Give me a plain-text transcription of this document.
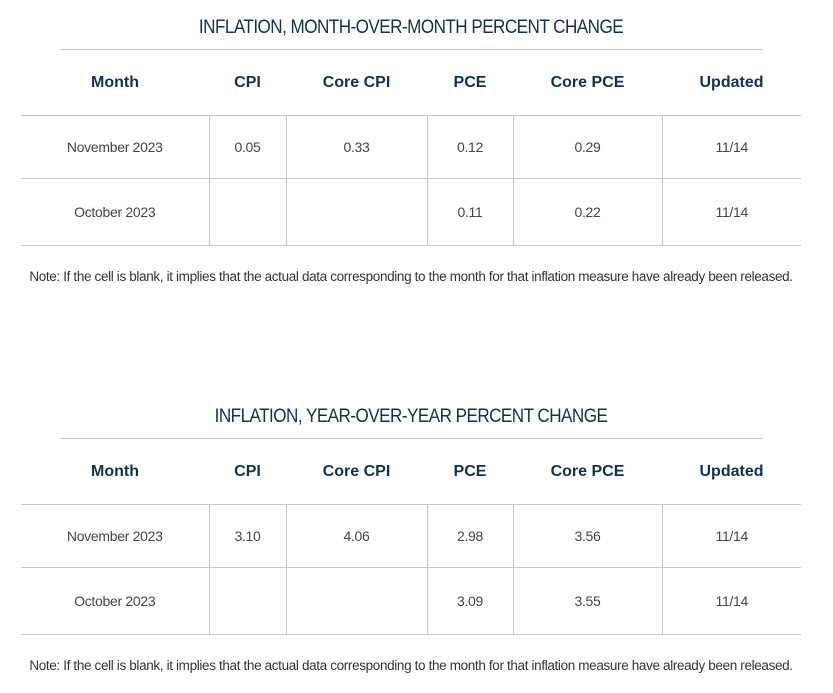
INFLATION, MONTH-OVER-MONTH PERCENT CHANGE
Month	CPI	Core CPI	PCE	Core PCE	Updated
November 2023	0.05	0.33	0.12	0.29	11/14
October 2023			0.11	0.22	11/14
Note: If the cell is blank, it implies that the actual data corresponding to the month for that inflation measure have already been released.
INFLATION, YEAR-OVER-YEAR PERCENT CHANGE
Month	CPI	Core CPI	PCE	Core PCE	Updated
November 2023	3.10	4.06	2.98	3.56	11/14
October 2023			3.09	3.55	11/14
Note: If the cell is blank, it implies that the actual data corresponding to the month for that inflation measure have already been released.
